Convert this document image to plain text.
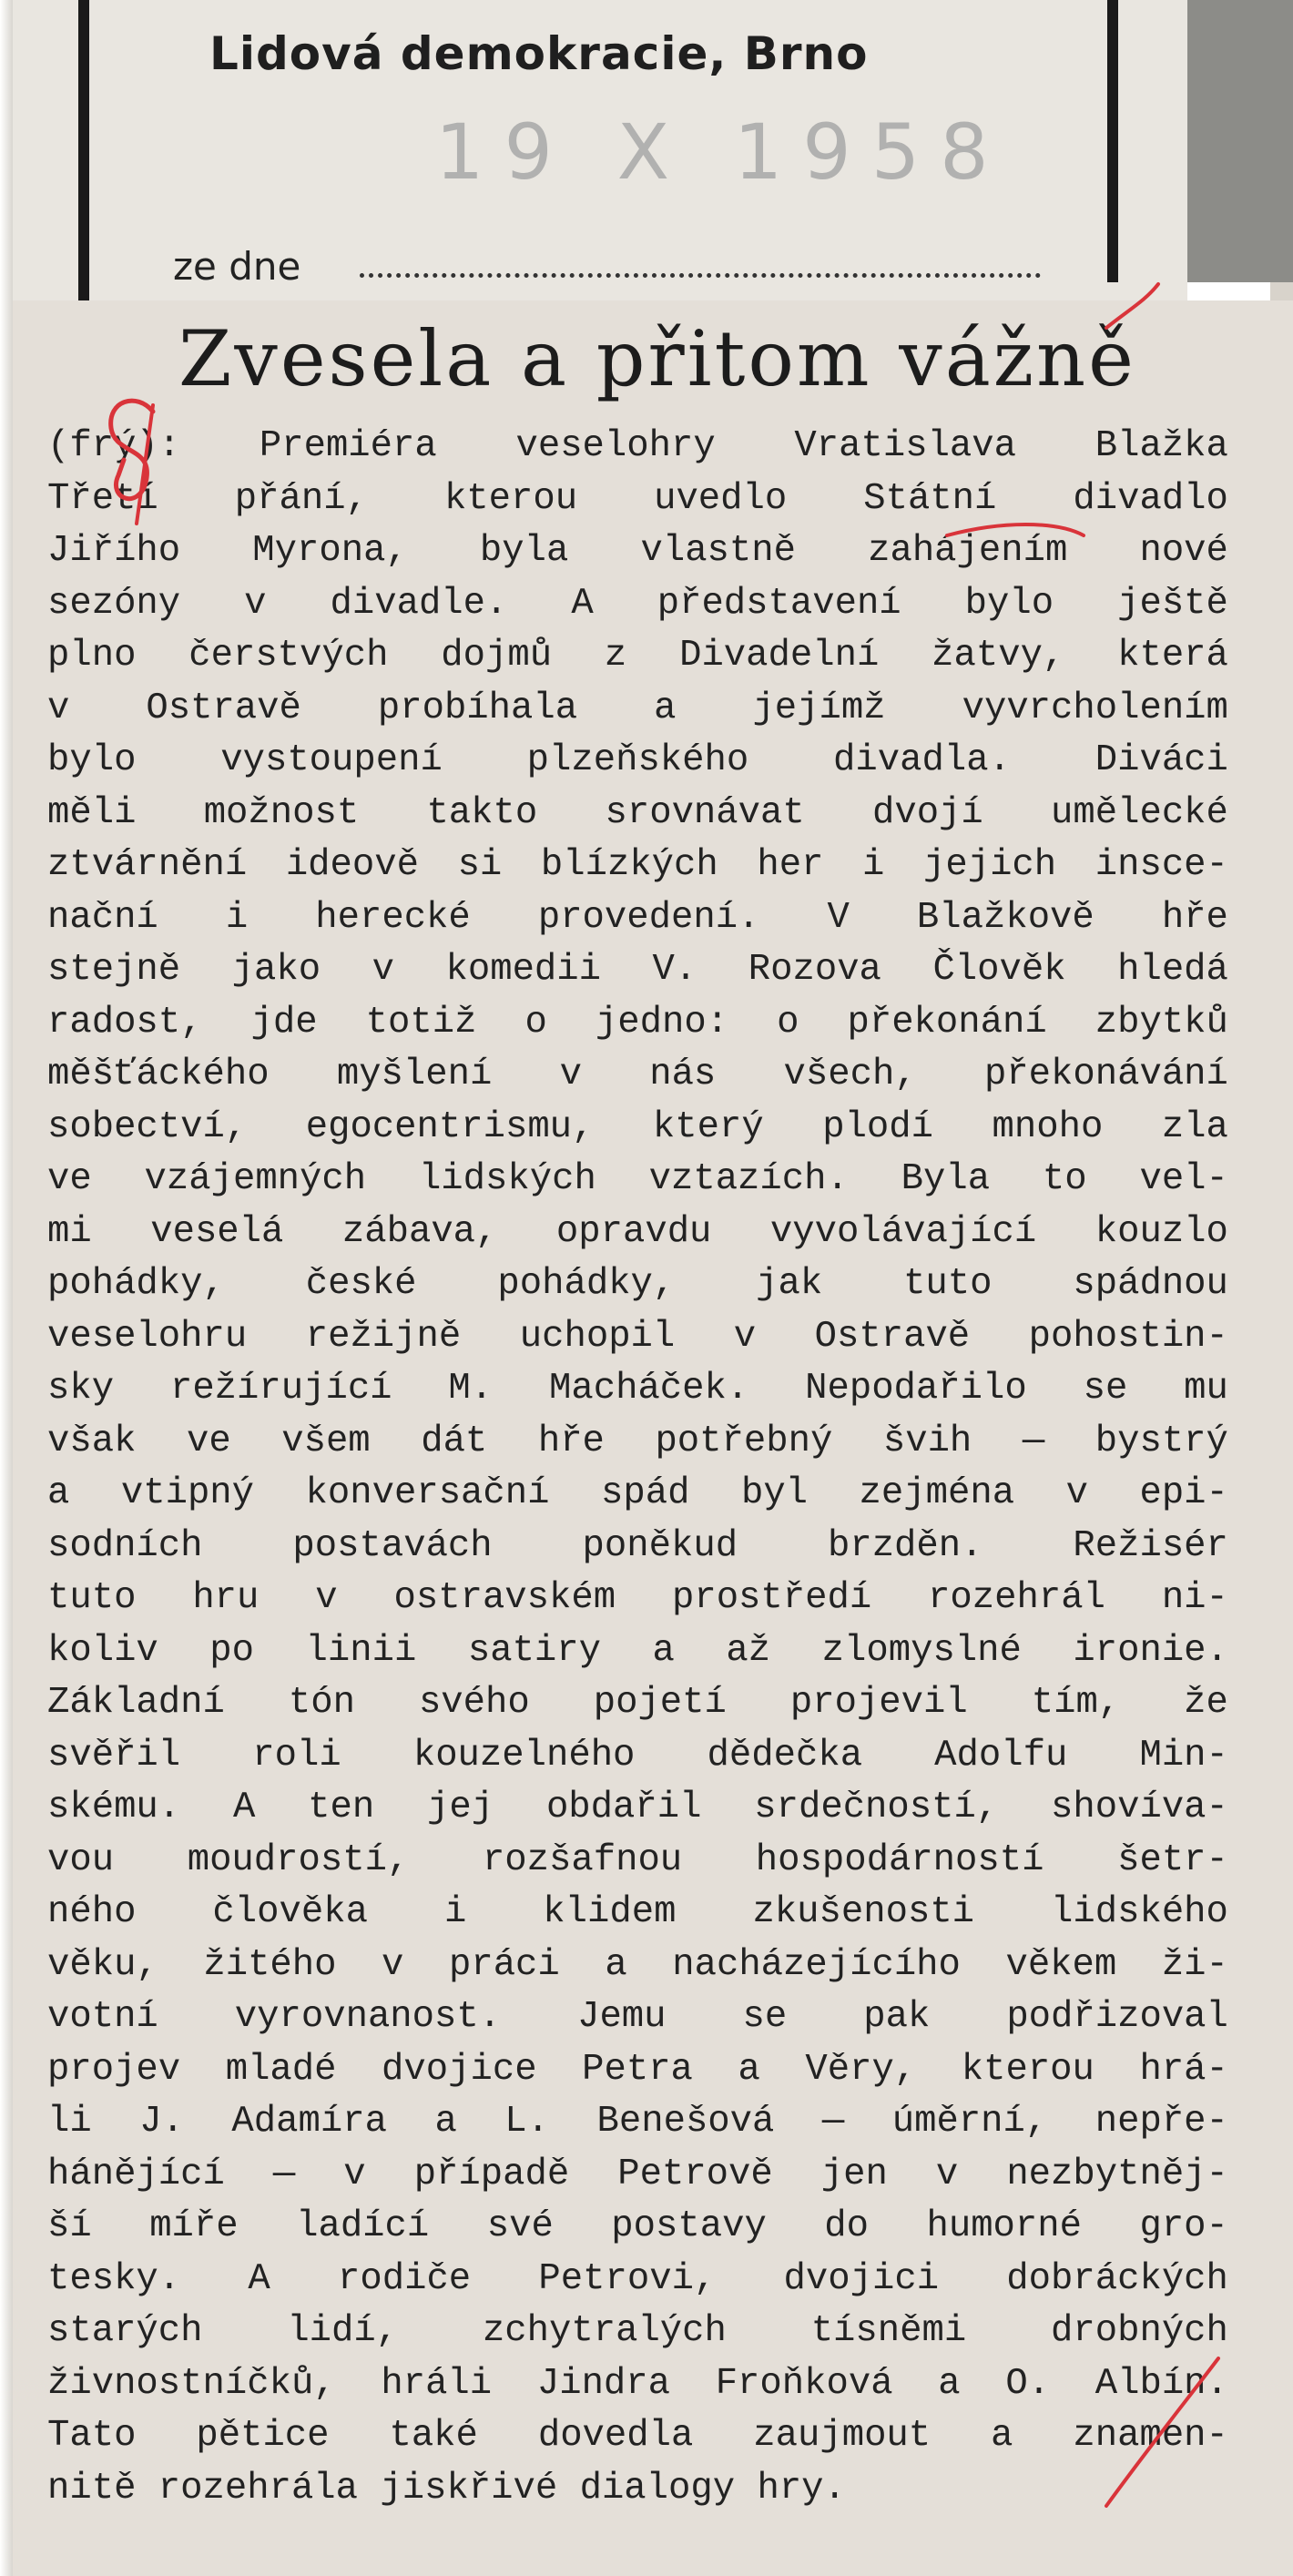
Lidová demokracie, Brno
19 X 1958
ze dne
Zvesela a přitom vážně
(frý): Premiéra veselohry Vratislava Blažka
Třetí přání, kterou uvedlo Státní divadlo
Jiřího Myrona, byla vlastně zahájením nové
sezóny v divadle. A představení bylo ještě
plno čerstvých dojmů z Divadelní žatvy, která
v Ostravě probíhala a jejímž vyvrcholením
bylo vystoupení plzeňského divadla. Diváci
měli možnost takto srovnávat dvojí umělecké
ztvárnění ideově si blízkých her i jejich insce-
nační i herecké provedení. V Blažkově hře
stejně jako v komedii V. Rozova Člověk hledá
radost, jde totiž o jedno: o překonání zbytků
měšťáckého myšlení v nás všech, překonávání
sobectví, egocentrismu, který plodí mnoho zla
ve vzájemných lidských vztazích. Byla to vel-
mi veselá zábava, opravdu vyvolávající kouzlo
pohádky, české pohádky, jak tuto spádnou
veselohru režijně uchopil v Ostravě pohostin-
sky režírující M. Macháček. Nepodařilo se mu
však ve všem dát hře potřebný švih — bystrý
a vtipný konversační spád byl zejména v epi-
sodních postavách poněkud brzděn. Režisér
tuto hru v ostravském prostředí rozehrál ni-
koliv po linii satiry a až zlomyslné ironie.
Základní tón svého pojetí projevil tím, že
svěřil roli kouzelného dědečka Adolfu Min-
skému. A ten jej obdařil srdečností, shovíva-
vou moudrostí, rozšafnou hospodárností šetr-
ného člověka i klidem zkušenosti lidského
věku, žitého v práci a nacházejícího věkem ži-
votní vyrovnanost. Jemu se pak podřizoval
projev mladé dvojice Petra a Věry, kterou hrá-
li J. Adamíra a L. Benešová — úměrní, nepře-
hánějící — v případě Petrově jen v nezbytněj-
ší míře ladící své postavy do humorné gro-
tesky. A rodiče Petrovi, dvojici dobráckých
starých lidí, zchytralých tísněmi drobných
živnostníčků, hráli Jindra Froňková a O. Albín.
Tato pětice také dovedla zaujmout a znamen-
nitě rozehrála jiskřivé dialogy hry.
